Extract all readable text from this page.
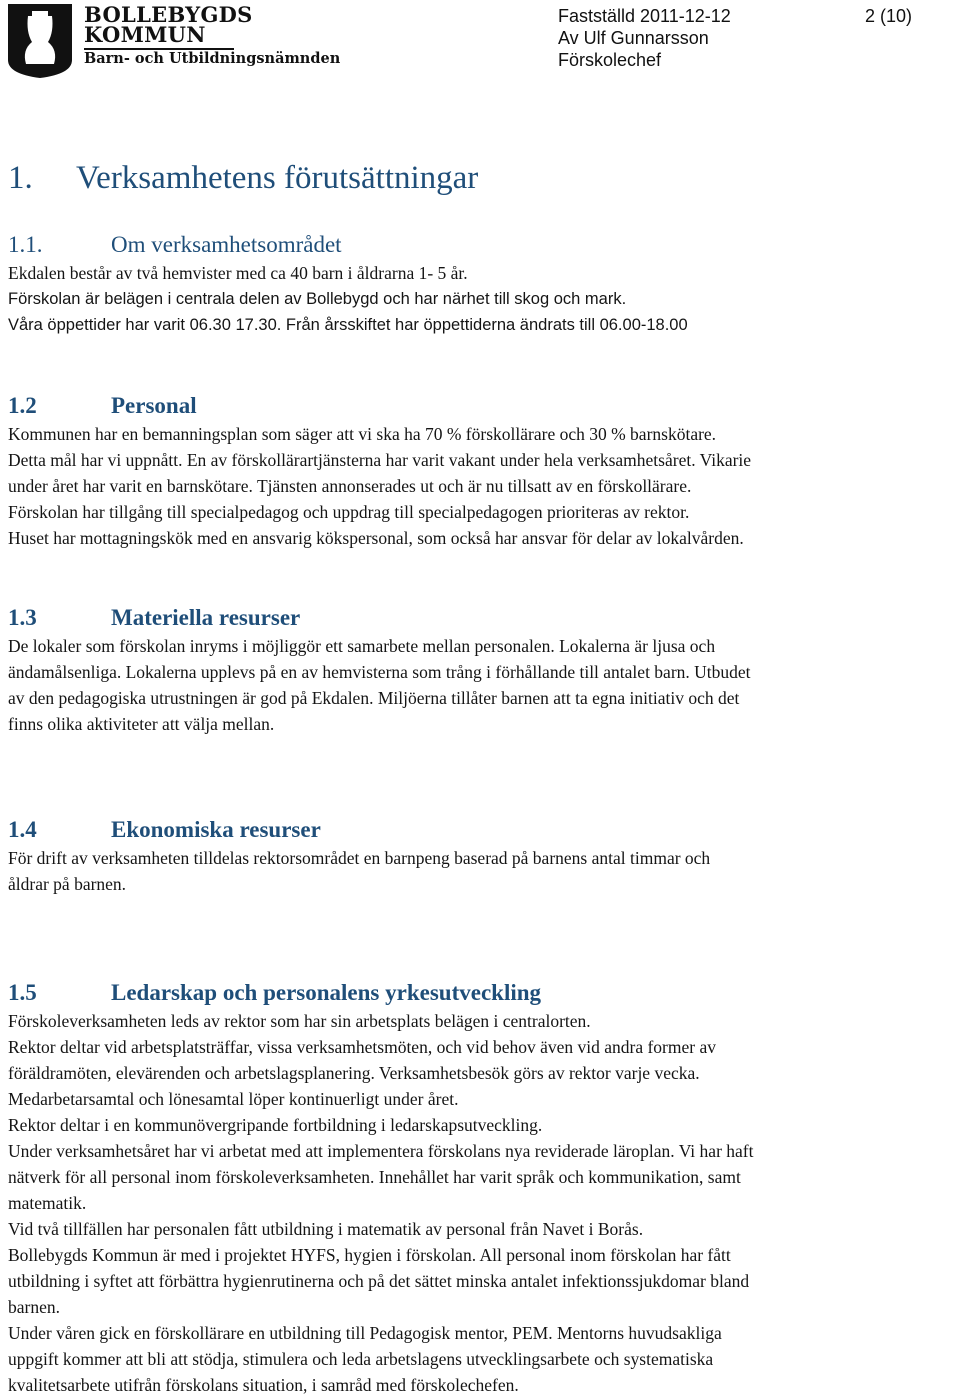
BOLLEBYGDS
KOMMUN
Barn- och Utbildningsnämnden
Fastställd 2011-12-12	2 (10)
Av Ulf Gunnarsson
Förskolechef
1. Verksamhetens förutsättningar
1.1.	Om verksamhetsområdet
Ekdalen består av två hemvister med ca 40 barn i åldrarna 1- 5 år.
Förskolan är belägen i centrala delen av Bollebygd och har närhet till skog och mark.
Våra öppettider har varit 06.30 17.30. Från årsskiftet har öppettiderna ändrats till 06.00-18.00
1.2	Personal
Kommunen har en bemanningsplan som säger att vi ska ha 70 % förskollärare och 30 % barnskötare.
Detta mål har vi uppnått. En av förskollärartjänsterna har varit vakant under hela verksamhetsåret. Vikarie
under året har varit en barnskötare. Tjänsten annonserades ut och är nu tillsatt av en förskollärare.
Förskolan har tillgång till specialpedagog och uppdrag till specialpedagogen prioriteras av rektor.
Huset har mottagningskök med en ansvarig kökspersonal, som också har ansvar för delar av lokalvården.
1.3	Materiella resurser
De lokaler som förskolan inryms i möjliggör ett samarbete mellan personalen. Lokalerna är ljusa och
ändamålsenliga. Lokalerna upplevs på en av hemvisterna som trång i förhållande till antalet barn. Utbudet
av den pedagogiska utrustningen är god på Ekdalen. Miljöerna tillåter barnen att ta egna initiativ och det
finns olika aktiviteter att välja mellan.
1.4	Ekonomiska resurser
För drift av verksamheten tilldelas rektorsområdet en barnpeng baserad på barnens antal timmar och
åldrar på barnen.
1.5	Ledarskap och personalens yrkesutveckling
Förskoleverksamheten leds av rektor som har sin arbetsplats belägen i centralorten.
Rektor deltar vid arbetsplatsträffar, vissa verksamhetsmöten, och vid behov även vid andra former av
föräldramöten, elevärenden och arbetslagsplanering. Verksamhetsbesök görs av rektor varje vecka.
Medarbetarsamtal och lönesamtal löper kontinuerligt under året.
Rektor deltar i en kommunövergripande fortbildning i ledarskapsutveckling.
Under verksamhetsåret har vi arbetat med att implementera förskolans nya reviderade läroplan. Vi har haft
nätverk för all personal inom förskoleverksamheten. Innehållet har varit språk och kommunikation, samt
matematik.
Vid två tillfällen har personalen fått utbildning i matematik av personal från Navet i Borås.
Bollebygds Kommun är med i projektet HYFS, hygien i förskolan. All personal inom förskolan har fått
utbildning i syftet att förbättra hygienrutinerna och på det sättet minska antalet infektionssjukdomar bland
barnen.
Under våren gick en förskollärare en utbildning till Pedagogisk mentor, PEM. Mentorns huvudsakliga
uppgift kommer att bli att stödja, stimulera och leda arbetslagens utvecklingsarbete och systematiska
kvalitetsarbete utifrån förskolans situation, i samråd med förskolechefen.
